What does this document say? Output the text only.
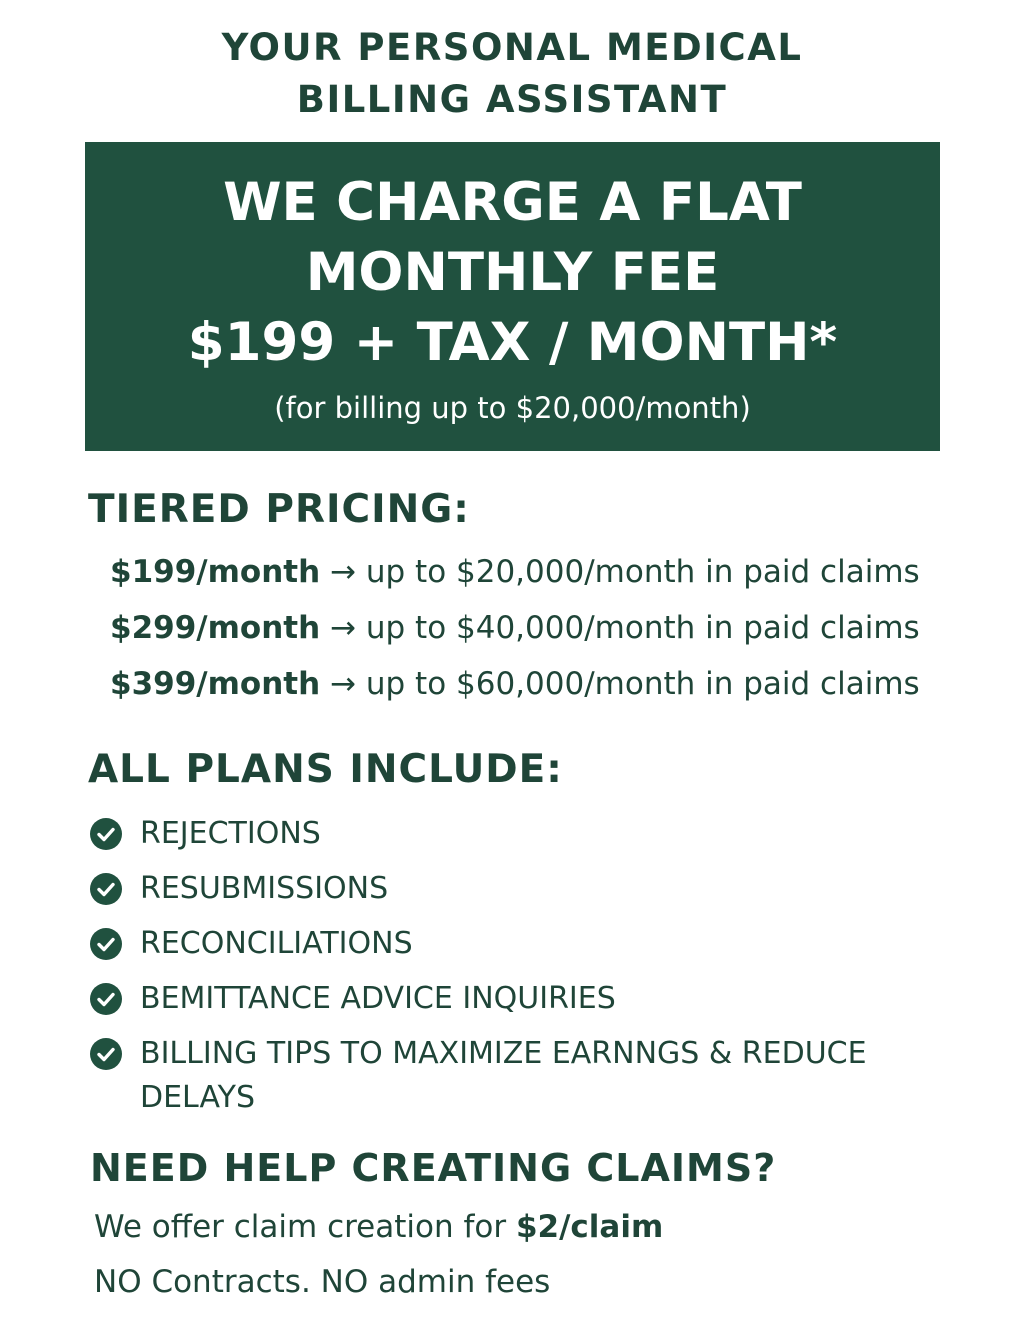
YOUR PERSONAL MEDICAL
BILLING ASSISTANT
WE CHARGE A FLAT
MONTHLY FEE
$199 + TAX / MONTH*
(for billing up to $20,000/month)
TIERED PRICING:
$199/month → up to $20,000/month in paid claims
$299/month → up to $40,000/month in paid claims
$399/month → up to $60,000/month in paid claims
ALL PLANS INCLUDE:
REJECTIONS
RESUBMISSIONS
RECONCILIATIONS
BEMITTANCE ADVICE INQUIRIES
BILLING TIPS TO MAXIMIZE EARNNGS & REDUCE DELAYS
NEED HELP CREATING CLAIMS?
We offer claim creation for $2/claim
NO Contracts. NO admin fees
